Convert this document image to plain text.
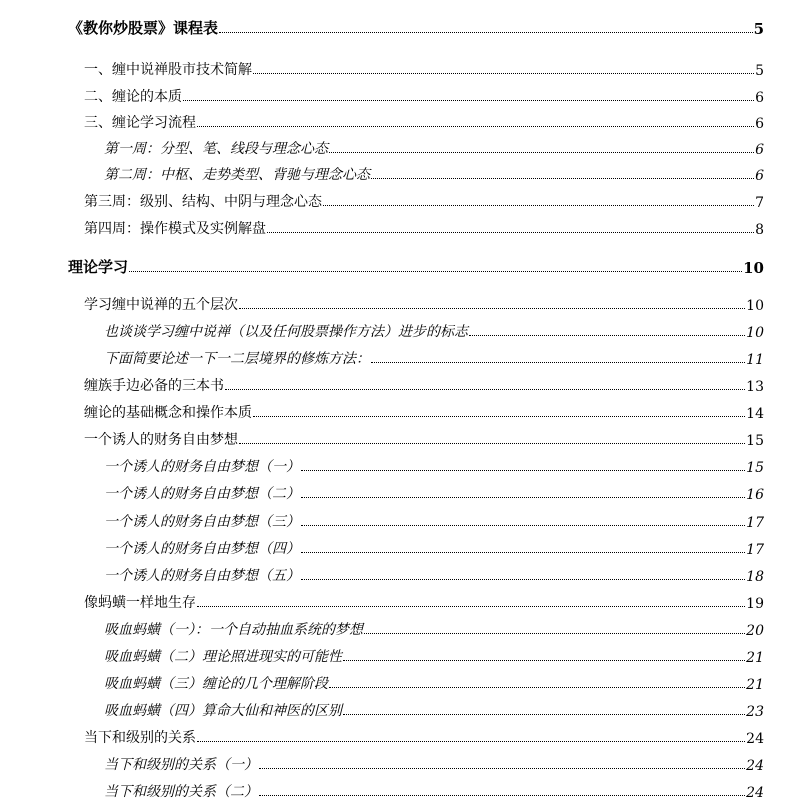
《教你炒股票》课程表	5
一、缠中说禅股市技术简解	5
二、缠论的本质	6
三、缠论学习流程	6
第一周：分型、笔、线段与理念心态	6
第二周：中枢、走势类型、背驰与理念心态	6
第三周：级别、结构、中阴与理念心态	7
第四周：操作模式及实例解盘	8
理论学习	10
学习缠中说禅的五个层次	10
也谈谈学习缠中说禅（以及任何股票操作方法）进步的标志	10
下面简要论述一下一二层境界的修炼方法：	11
缠族手边必备的三本书	13
缠论的基础概念和操作本质	14
一个诱人的财务自由梦想	15
一个诱人的财务自由梦想（一）	15
一个诱人的财务自由梦想（二）	16
一个诱人的财务自由梦想（三）	17
一个诱人的财务自由梦想（四）	17
一个诱人的财务自由梦想（五）	18
像蚂蟥一样地生存	19
吸血蚂蟥（一）：一个自动抽血系统的梦想	20
吸血蚂蟥（二）理论照进现实的可能性	21
吸血蚂蟥（三）缠论的几个理解阶段	21
吸血蚂蟥（四）算命大仙和神医的区别	23
当下和级别的关系	24
当下和级别的关系（一）	24
当下和级别的关系（二）	24
